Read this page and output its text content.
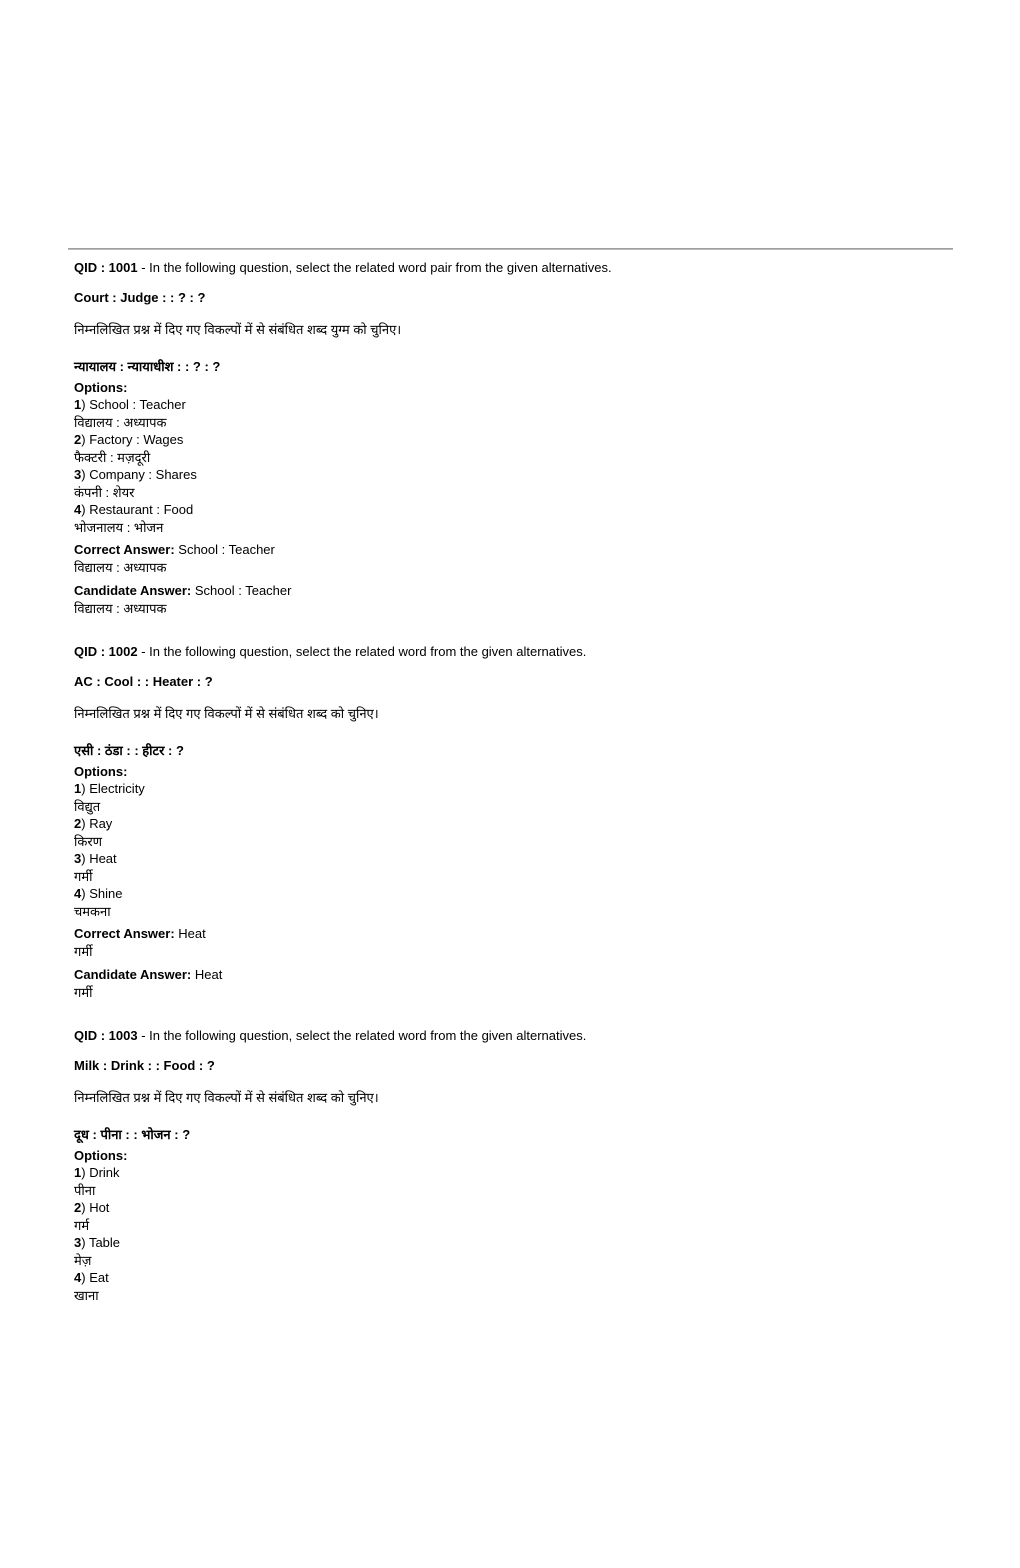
QID : 1001 - In the following question, select the related word pair from the given alternatives.

Court : Judge : : ? : ?

निम्नलिखित प्रश्न में दिए गए विकल्पों में से संबंधित शब्द युग्म को चुनिए।

न्यायालय : न्यायाधीश : : ? : ?

Options:

1) School : Teacher
विद्यालय : अध्यापक
2) Factory : Wages
फैक्टरी : मज़दूरी
3) Company : Shares
कंपनी : शेयर
4) Restaurant : Food
भोजनालय : भोजन

Correct Answer: School : Teacher

विद्यालय : अध्यापक

Candidate Answer: School : Teacher

विद्यालय : अध्यापक

QID : 1002 - In the following question, select the related word from the given alternatives.

AC : Cool : : Heater : ?

निम्नलिखित प्रश्न में दिए गए विकल्पों में से संबंधित शब्द को चुनिए।

एसी : ठंडा : : हीटर : ?

Options:

1) Electricity
विद्युत
2) Ray
किरण
3) Heat
गर्मी
4) Shine
चमकना

Correct Answer: Heat

गर्मी

Candidate Answer: Heat

गर्मी

QID : 1003 - In the following question, select the related word from the given alternatives.

Milk : Drink : : Food : ?

निम्नलिखित प्रश्न में दिए गए विकल्पों में से संबंधित शब्द को चुनिए।

दूध : पीना : : भोजन : ?

Options:

1) Drink
पीना
2) Hot
गर्म
3) Table
मेज़
4) Eat
खाना
